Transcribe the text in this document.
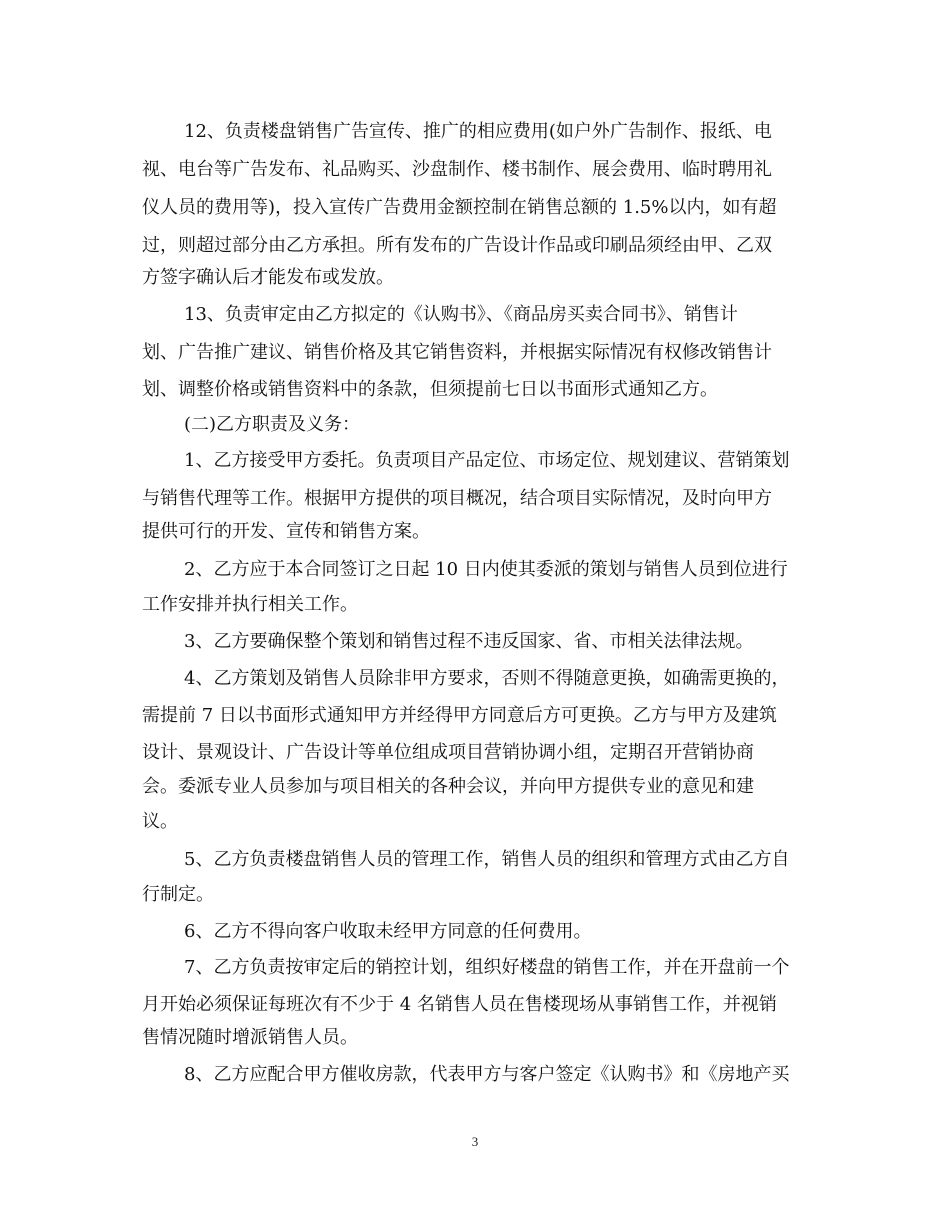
12、负责楼盘销售广告宣传、推广的相应费用(如户外广告制作、报纸、电

视、电台等广告发布、礼品购买、沙盘制作、楼书制作、展会费用、临时聘用礼

仪人员的费用等)，投入宣传广告费用金额控制在销售总额的 1.5%以内，如有超

过，则超过部分由乙方承担。所有发布的广告设计作品或印刷品须经由甲、乙双

方签字确认后才能发布或发放。

13、负责审定由乙方拟定的《认购书》、《商品房买卖合同书》、销售计

划、广告推广建议、销售价格及其它销售资料，并根据实际情况有权修改销售计

划、调整价格或销售资料中的条款，但须提前七日以书面形式通知乙方。

(二)乙方职责及义务：

1、乙方接受甲方委托。负责项目产品定位、市场定位、规划建议、营销策划

与销售代理等工作。根据甲方提供的项目概况，结合项目实际情况，及时向甲方

提供可行的开发、宣传和销售方案。

2、乙方应于本合同签订之日起 10 日内使其委派的策划与销售人员到位进行

工作安排并执行相关工作。

3、乙方要确保整个策划和销售过程不违反国家、省、市相关法律法规。

4、乙方策划及销售人员除非甲方要求，否则不得随意更换，如确需更换的，

需提前 7 日以书面形式通知甲方并经得甲方同意后方可更换。乙方与甲方及建筑

设计、景观设计、广告设计等单位组成项目营销协调小组，定期召开营销协商

会。委派专业人员参加与项目相关的各种会议，并向甲方提供专业的意见和建

议。

5、乙方负责楼盘销售人员的管理工作，销售人员的组织和管理方式由乙方自

行制定。

6、乙方不得向客户收取未经甲方同意的任何费用。

7、乙方负责按审定后的销控计划，组织好楼盘的销售工作，并在开盘前一个

月开始必须保证每班次有不少于 4 名销售人员在售楼现场从事销售工作，并视销

售情况随时增派销售人员。

8、乙方应配合甲方催收房款，代表甲方与客户签定《认购书》和《房地产买

3
